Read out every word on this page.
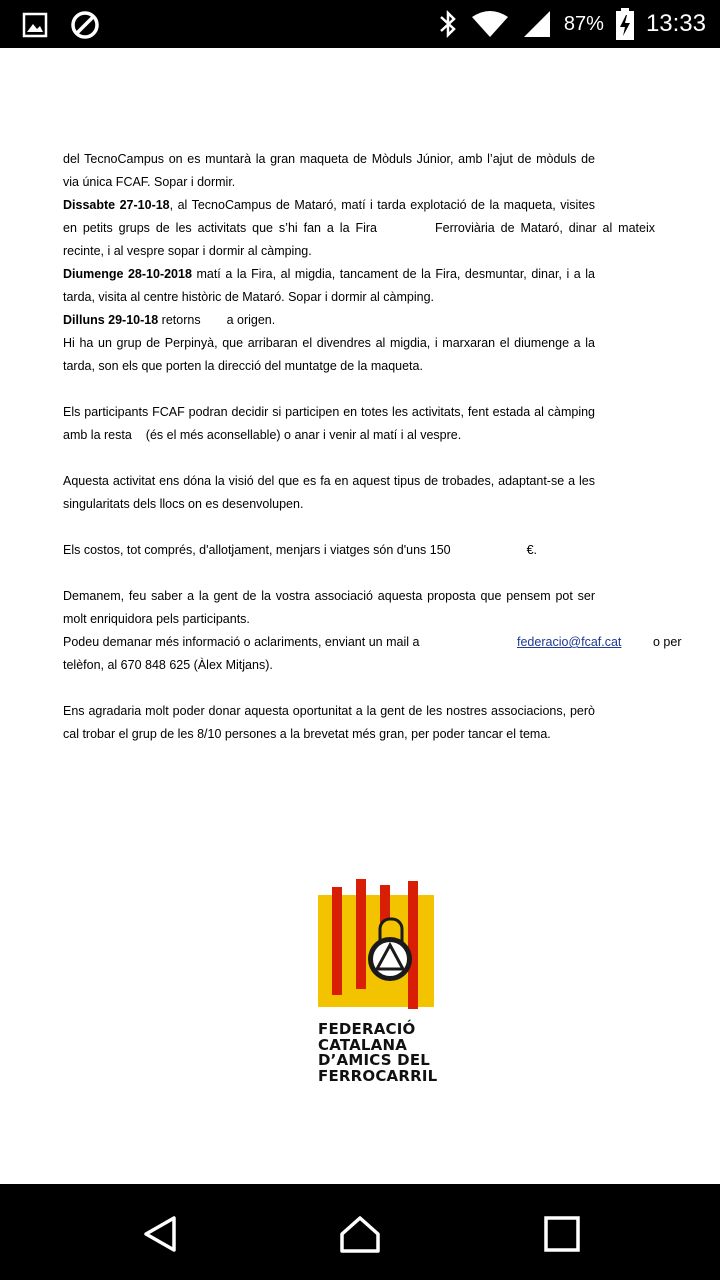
87% 13:33
del TecnoCampus on es muntarà la gran maqueta de Mòduls Júnior, amb l’ajut de mòduls de
via única FCAF. Sopar i dormir.
Dissabte 27-10-18, al TecnoCampus de Mataró, matí i tarda explotació de la maqueta, visites
en petits grups de les activitats que s’hi fan a la Fira	Ferroviària de Mataró, dinar al mateix
recinte, i al vespre sopar i dormir al càmping.
Diumenge 28-10-2018 matí a la Fira, al migdia, tancament de la Fira, desmuntar, dinar, i a la
tarda, visita al centre històric de Mataró. Sopar i dormir al càmping.
Dilluns 29-10-18 retorns a origen.
Hi ha un grup de Perpinyà, que arribaran el divendres al migdia, i marxaran el diumenge a la
tarda, son els que porten la direcció del muntatge de la maqueta.
Els participants FCAF podran decidir si participen en totes les activitats, fent estada al càmping
amb la resta (és el més aconsellable) o anar i venir al matí i al vespre.
Aquesta activitat ens dóna la visió del que es fa en aquest tipus de trobades, adaptant-se a les
singularitats dels llocs on es desenvolupen.
Els costos, tot comprés, d'allotjament, menjars i viatges són d'uns 150	€.
Demanem, feu saber a la gent de la vostra associació aquesta proposta que pensem pot ser
molt enriquidora pels participants.
Podeu demanar més informació o aclariments, enviant un mail a	federacio@fcaf.cat	o per
telèfon, al 670 848 625 (Àlex Mitjans).
Ens agradaria molt poder donar aquesta oportunitat a la gent de les nostres associacions, però
cal trobar el grup de les 8/10 persones a la brevetat més gran, per poder tancar el tema.
FEDERACIÓ
CATALANA
D’AMICS DEL
FERROCARRIL
